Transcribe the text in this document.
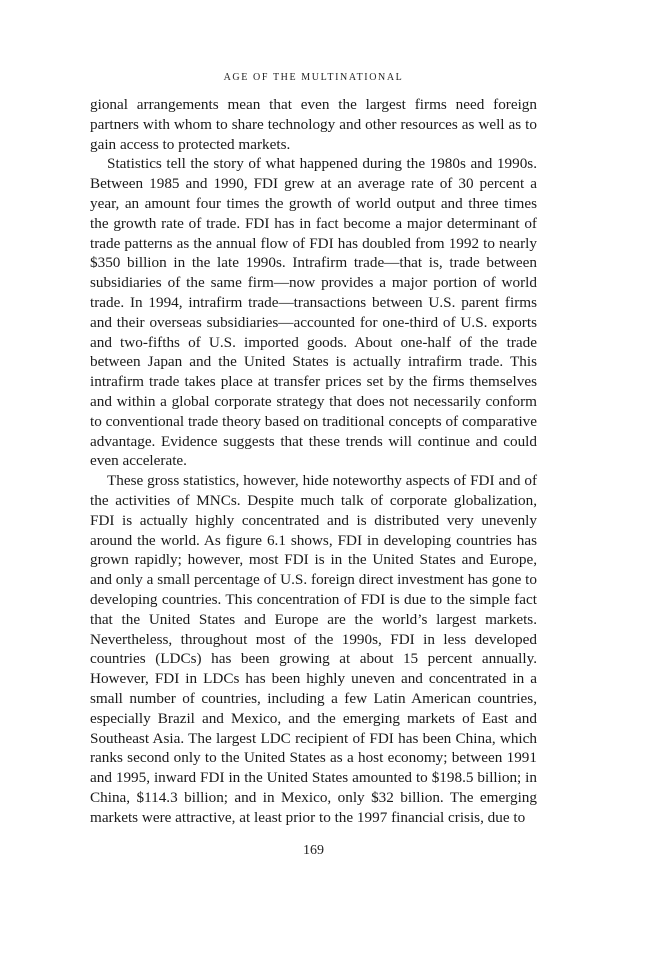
AGE OF THE MULTINATIONAL

gional arrangements mean that even the largest firms need foreign partners with whom to share technology and other resources as well as to gain access to protected markets.

Statistics tell the story of what happened during the 1980s and 1990s. Between 1985 and 1990, FDI grew at an average rate of 30 percent a year, an amount four times the growth of world output and three times the growth rate of trade. FDI has in fact become a major determinant of trade patterns as the annual flow of FDI has doubled from 1992 to nearly $350 billion in the late 1990s. Intrafirm trade—that is, trade between subsidiaries of the same firm—now provides a major portion of world trade. In 1994, intrafirm trade—transactions between U.S. parent firms and their overseas subsidiaries—accounted for one-third of U.S. exports and two-fifths of U.S. imported goods. About one-half of the trade between Japan and the United States is actually intrafirm trade. This intrafirm trade takes place at transfer prices set by the firms themselves and within a global corporate strategy that does not necessarily conform to conventional trade theory based on traditional concepts of comparative advantage. Evidence suggests that these trends will continue and could even accelerate.

These gross statistics, however, hide noteworthy aspects of FDI and of the activities of MNCs. Despite much talk of corporate globalization, FDI is actually highly concentrated and is distributed very unevenly around the world. As figure 6.1 shows, FDI in developing countries has grown rapidly; however, most FDI is in the United States and Europe, and only a small percentage of U.S. foreign direct investment has gone to developing countries. This concentration of FDI is due to the simple fact that the United States and Europe are the world’s largest markets. Nevertheless, throughout most of the 1990s, FDI in less developed countries (LDCs) has been growing at about 15 percent annually. However, FDI in LDCs has been highly uneven and concentrated in a small number of countries, including a few Latin American countries, especially Brazil and Mexico, and the emerging markets of East and Southeast Asia. The largest LDC recipient of FDI has been China, which ranks second only to the United States as a host economy; between 1991 and 1995, inward FDI in the United States amounted to $198.5 billion; in China, $114.3 billion; and in Mexico, only $32 billion. The emerging markets were attractive, at least prior to the 1997 financial crisis, due to

169
